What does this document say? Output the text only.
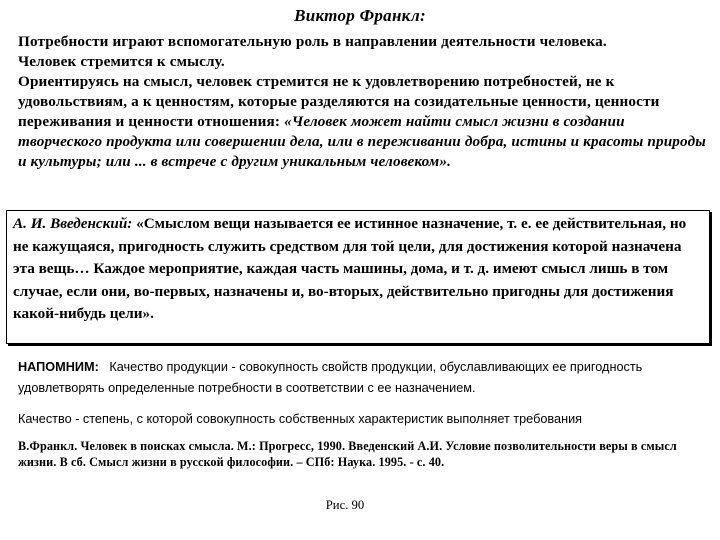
Виктор Франкл:
Потребности играют вспомогательную роль в направлении деятельности человека.
Человек стремится к смыслу.
Ориентируясь на смысл, человек стремится не к удовлетворению потребностей, не к удовольствиям, а к ценностям, которые разделяются на созидательные ценности, ценности переживания и ценности отношения: «Человек может найти смысл жизни в создании творческого продукта или совершении дела, или в переживании добра, истины и красоты природы и культуры; или ... в встрече с другим уникальным человеком».
А. И. Введенский: «Смыслом вещи называется ее истинное назначение, т. е. ее действительная, но не кажущаяся, пригодность служить средством для той цели, для достижения которой назначена эта вещь… Каждое мероприятие, каждая часть машины, дома, и т. д. имеют смысл лишь в том случае, если они, во-первых, назначены и, во-вторых, действительно пригодны для достижения какой-нибудь цели».
НАПОМНИМ: Качество продукции - совокупность свойств продукции, обуславливающих ее пригодность удовлетворять определенные потребности в соответствии с ее назначением.
Качество - степень, с которой совокупность собственных характеристик выполняет требования
В.Франкл. Человек в поисках смысла. М.: Прогресс, 1990. Введенский А.И. Условие позволительности веры в смысл жизни. В сб. Смысл жизни в русской философии. – СПб: Наука. 1995. - с. 40.
Рис. 90
